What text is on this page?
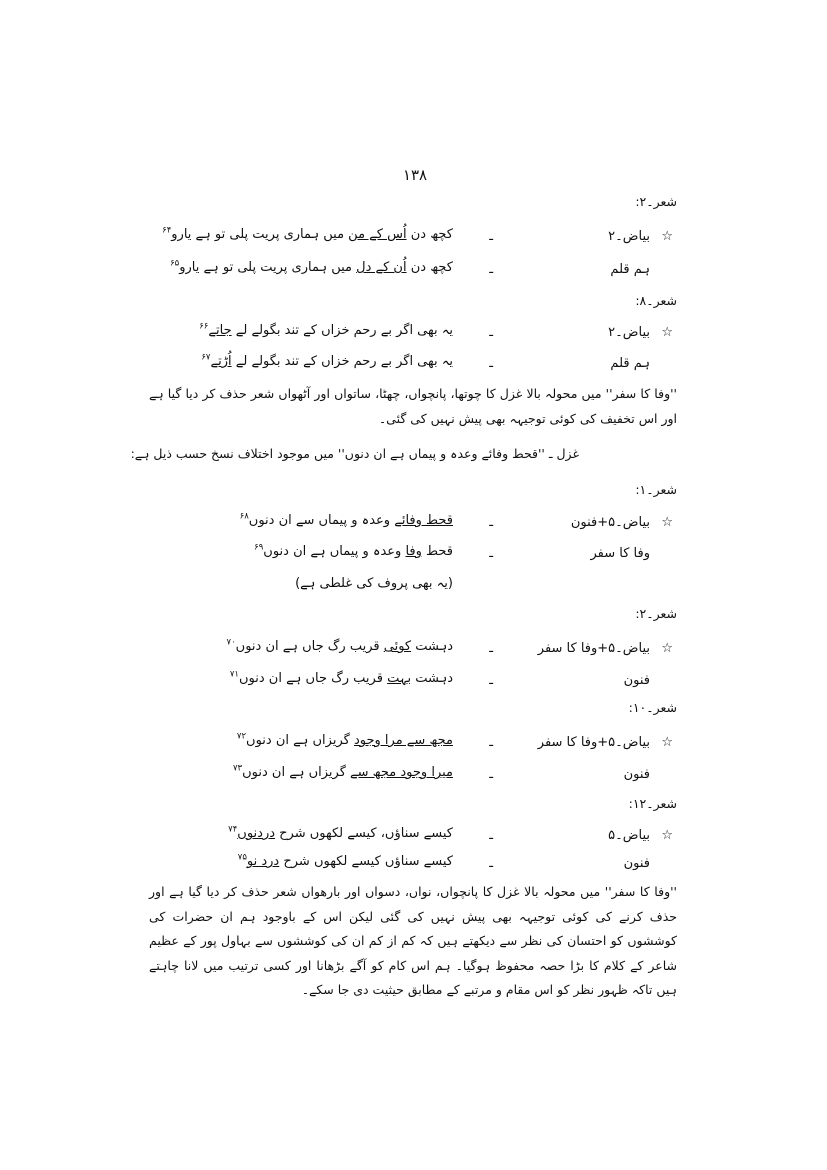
۱۳۸
شعر۔۲:
☆
بیاض۔۲
ـ
کچھ دن اُس کے من میں ہماری پریت پلی تو ہے یارو$^{۶۴}$
ہم قلم
ـ
کچھ دن اُن کے دل میں ہماری پریت پلی تو ہے یارو$^{۶۵}$
شعر۔۸:
☆
بیاض۔۲
ـ
یہ بھی اگر بے رحم خزاں کے تند بگولے لے جاتے$^{۶۶}$
ہم قلم
ـ
یہ بھی اگر بے رحم خزاں کے تند بگولے لے اُڑتے$^{۶۷}$
''وفا کا سفر'' میں محولہ بالا غزل کا چوتھا، پانچواں، چھٹا، ساتواں اور آٹھواں شعر حذف کر دیا گیا ہے اور اس تخفیف کی کوئی توجیہہ بھی پیش نہیں کی گئی۔
غزل ـ ''قحط وفائے وعدہ و پیماں ہے ان دنوں'' میں موجود اختلاف نسخ حسب ذیل ہے:
شعر۔۱:
☆
بیاض۔۵+فنون
ـ
قحط وفائے وعدہ و پیماں سے ان دنوں$^{۶۸}$
وفا کا سفر
ـ
قحط وفا وعدہ و پیماں ہے ان دنوں$^{۶۹}$
(یہ بھی پروف کی غلطی ہے)
شعر۔۲:
☆
بیاض۔۵+وفا کا سفر
ـ
دہشت کوئی قریب رگ جاں ہے ان دنوں$^{۷۰}$
فنون
ـ
دہشت بہت قریب رگ جاں ہے ان دنوں$^{۷۱}$
شعر۔۱۰:
☆
بیاض۔۵+وفا کا سفر
ـ
مجھ سے مرا وجود گریزاں ہے ان دنوں$^{۷۲}$
فنون
ـ
میرا وجود مجھ سے گریزاں ہے ان دنوں$^{۷۳}$
شعر۔۱۲:
☆
بیاض۔۵
ـ
کیسے سناؤں، کیسے لکھوں شرح دردنوں$^{۷۴}$
فنون
ـ
کیسے سناؤں کیسے لکھوں شرح درد نو$^{۷۵}$
''وفا کا سفر'' میں محولہ بالا غزل کا پانچواں، نواں، دسواں اور بارھواں شعر حذف کر دیا گیا ہے اور حذف کرنے کی کوئی توجیہہ بھی پیش نہیں کی گئی لیکن اس کے باوجود ہم ان حضرات کی کوششوں کو احتسان کی نظر سے دیکھتے ہیں کہ کم از کم ان کی کوششوں سے بہاول پور کے عظیم شاعر کے کلام کا بڑا حصہ محفوظ ہوگیا۔ ہم اس کام کو آگے بڑھانا اور کسی ترتیب میں لانا چاہتے ہیں تاکہ ظہور نظر کو اس مقام و مرتبے کے مطابق حیثیت دی جا سکے۔
